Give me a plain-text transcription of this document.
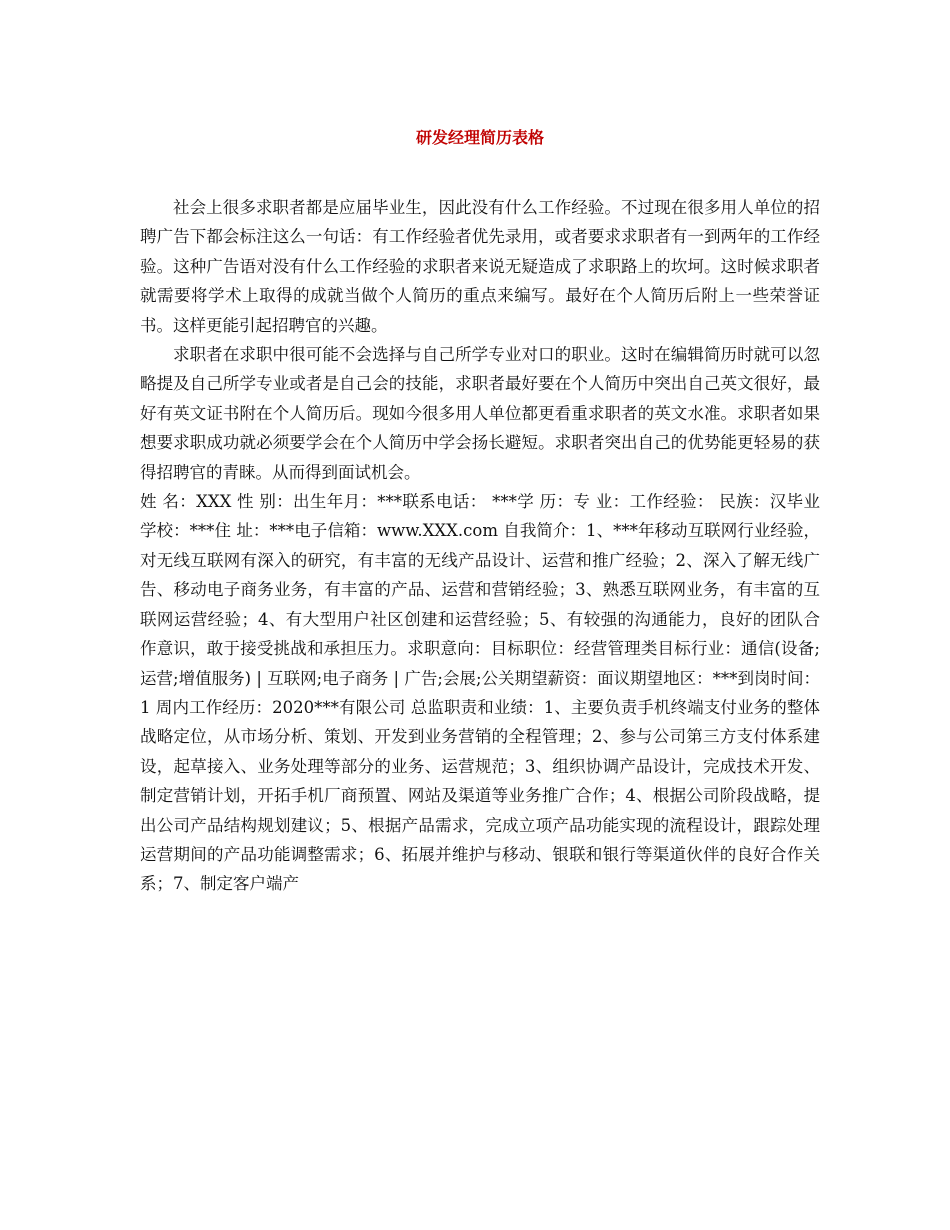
研发经理简历表格

社会上很多求职者都是应届毕业生，因此没有什么工作经验。不过现在很多用人单位的招聘广告下都会标注这么一句话：有工作经验者优先录用，或者要求求职者有一到两年的工作经验。这种广告语对没有什么工作经验的求职者来说无疑造成了求职路上的坎坷。这时候求职者就需要将学术上取得的成就当做个人简历的重点来编写。最好在个人简历后附上一些荣誉证书。这样更能引起招聘官的兴趣。

求职者在求职中很可能不会选择与自己所学专业对口的职业。这时在编辑简历时就可以忽略提及自己所学专业或者是自己会的技能，求职者最好要在个人简历中突出自己英文很好，最好有英文证书附在个人简历后。现如今很多用人单位都更看重求职者的英文水准。求职者如果想要求职成功就必须要学会在个人简历中学会扬长避短。求职者突出自己的优势能更轻易的获得招聘官的青睐。从而得到面试机会。

姓 名：XXX 性 别：出生年月：***联系电话： ***学 历：专 业：工作经验： 民族：汉毕业学校：***住 址：***电子信箱：www.XXX.com 自我简介：1、***年移动互联网行业经验，对无线互联网有深入的研究，有丰富的无线产品设计、运营和推广经验；2、深入了解无线广告、移动电子商务业务，有丰富的产品、运营和营销经验；3、熟悉互联网业务，有丰富的互联网运营经验；4、有大型用户社区创建和运营经验；5、有较强的沟通能力，良好的团队合作意识，敢于接受挑战和承担压力。求职意向：目标职位：经营管理类目标行业：通信(设备;运营;增值服务) | 互联网;电子商务 | 广告;会展;公关期望薪资：面议期望地区：***到岗时间：1 周内工作经历：2020***有限公司 总监职责和业绩：1、主要负责手机终端支付业务的整体战略定位，从市场分析、策划、开发到业务营销的全程管理；2、参与公司第三方支付体系建设，起草接入、业务处理等部分的业务、运营规范；3、组织协调产品设计，完成技术开发、制定营销计划，开拓手机厂商预置、网站及渠道等业务推广合作；4、根据公司阶段战略，提出公司产品结构规划建议；5、根据产品需求，完成立项产品功能实现的流程设计，跟踪处理运营期间的产品功能调整需求；6、拓展并维护与移动、银联和银行等渠道伙伴的良好合作关系；7、制定客户端产
